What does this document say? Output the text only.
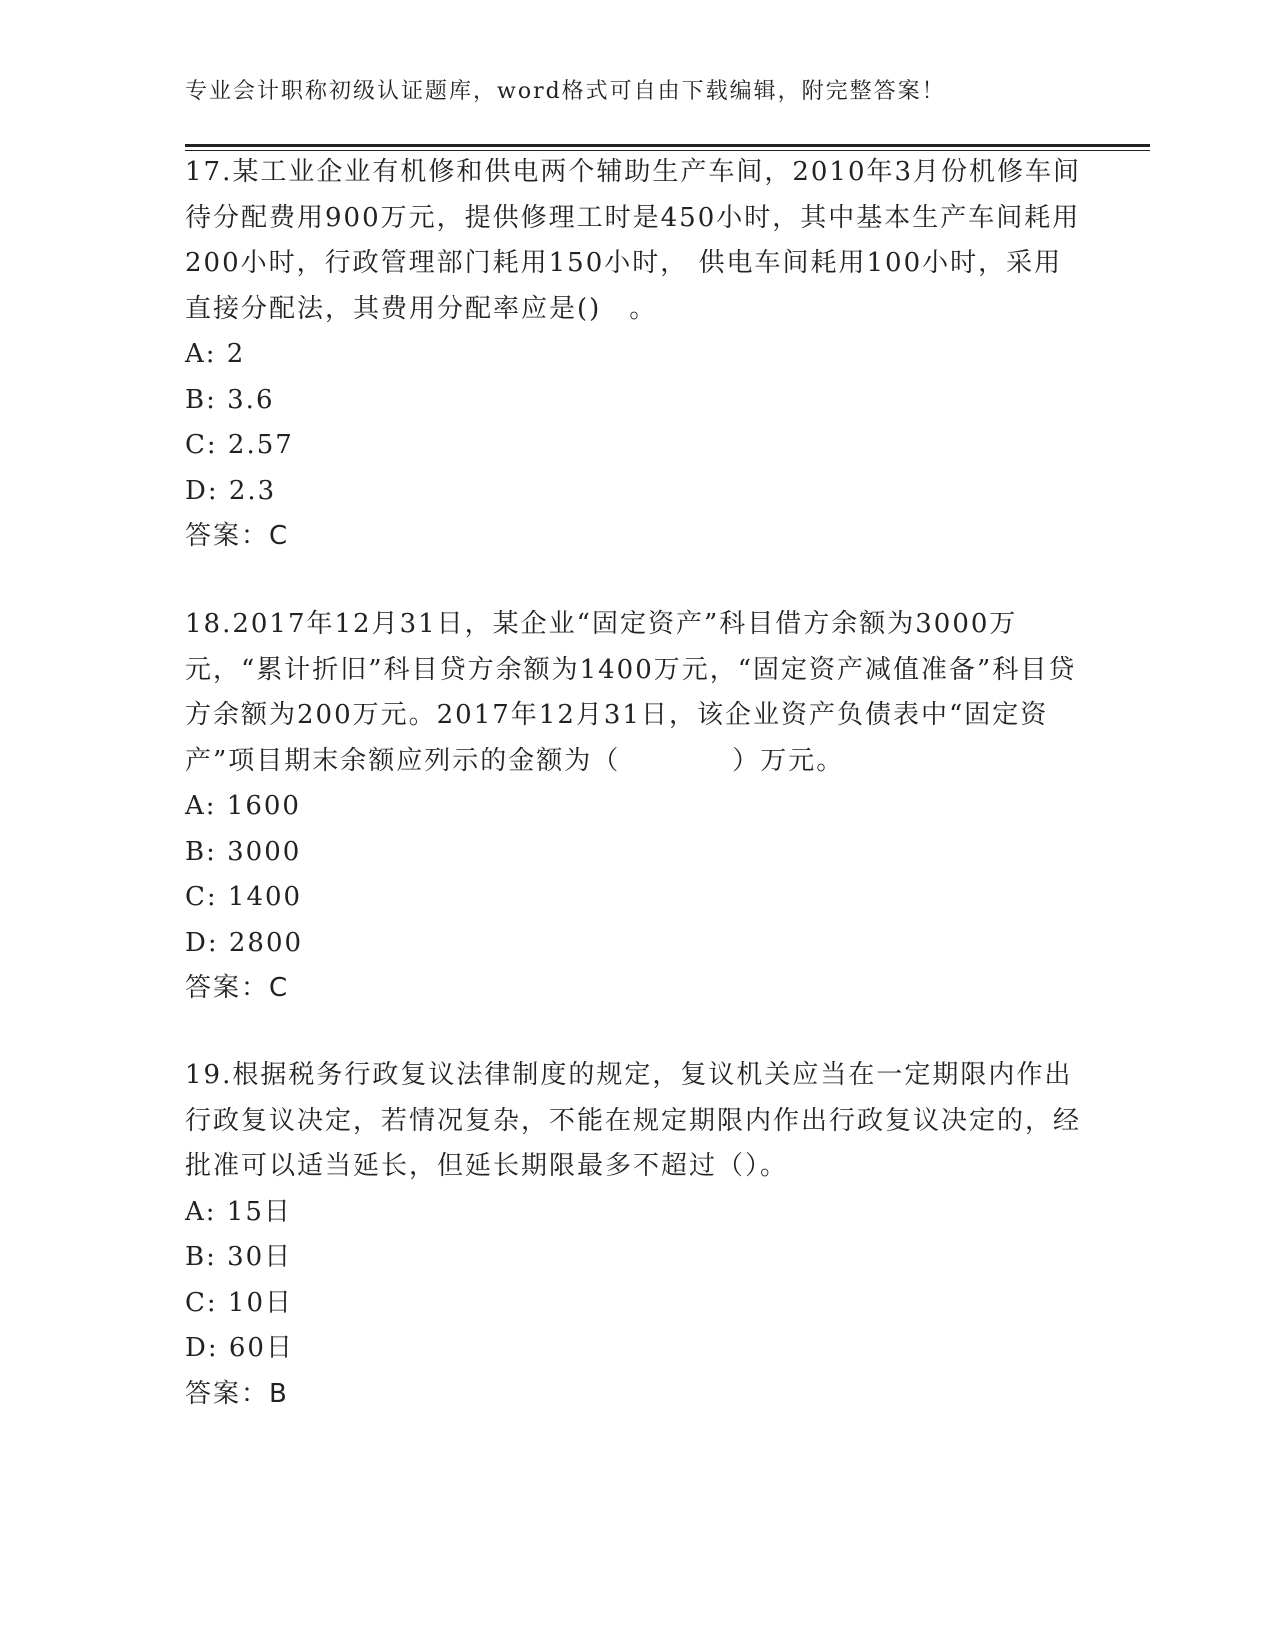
专业会计职称初级认证题库，word格式可自由下载编辑，附完整答案！

17.某工业企业有机修和供电两个辅助生产车间，2010年3月份机修车间待分配费用900万元，提供修理工时是450小时，其中基本生产车间耗用200小时，行政管理部门耗用150小时， 供电车间耗用100小时，采用直接分配法，其费用分配率应是()　。

A: 2
B: 3.6
C: 2.57
D: 2.3
答案：C

18.2017年12月31日，某企业“固定资产”科目借方余额为3000万元，“累计折旧”科目贷方余额为1400万元，“固定资产减值准备”科目贷方余额为200万元。2017年12月31日，该企业资产负债表中“固定资产”项目期末余额应列示的金额为（　　　　）万元。

A: 1600
B: 3000
C: 1400
D: 2800
答案：C

19.根据税务行政复议法律制度的规定，复议机关应当在一定期限内作出行政复议决定，若情况复杂，不能在规定期限内作出行政复议决定的，经批准可以适当延长，但延长期限最多不超过（）。

A: 15日
B: 30日
C: 10日
D: 60日
答案：B
